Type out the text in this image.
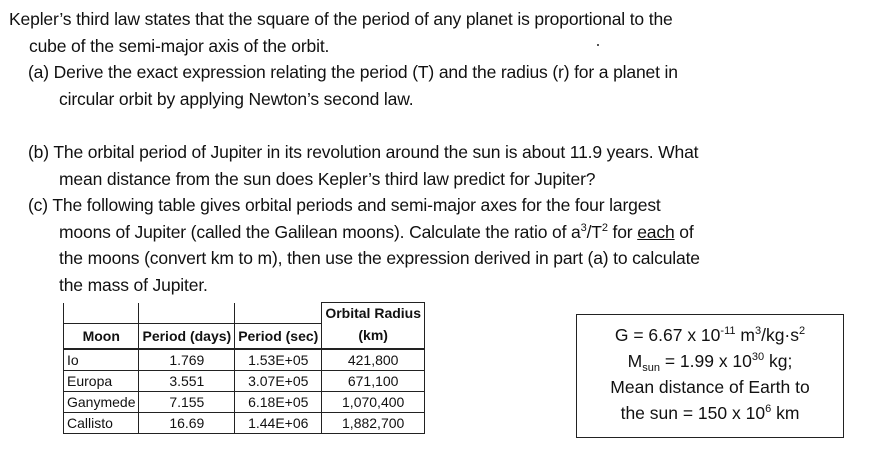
Kepler’s third law states that the square of the period of any planet is proportional to the
cube of the semi-major axis of the orbit.
(a) Derive the exact expression relating the period (T) and the radius (r) for a planet in
circular orbit by applying Newton’s second law.
(b) The orbital period of Jupiter in its revolution around the sun is about 11.9 years. What
mean distance from the sun does Kepler’s third law predict for Jupiter?
(c) The following table gives orbital periods and semi-major axes for the four largest
moons of Jupiter (called the Galilean moons). Calculate the ratio of $a^3/T^2$ for each of
the moons (convert km to m), then use the expression derived in part (a) to calculate
the mass of Jupiter.
			Orbital Radius
Moon	Period (days)	Period (sec)	(km)
Io	1.769	1.53E+05	421,800
Europa	3.551	3.07E+05	671,100
Ganymede	7.155	6.18E+05	1,070,400
Callisto	16.69	1.44E+06	1,882,700
G = 6.67 x $10^{-11}$ $m^3/kg\cdot s^2$
$M_{sun} = 1.99$ x $10^{30}$ kg;
Mean distance of Earth to
the sun = 150 x $10^6$ km
